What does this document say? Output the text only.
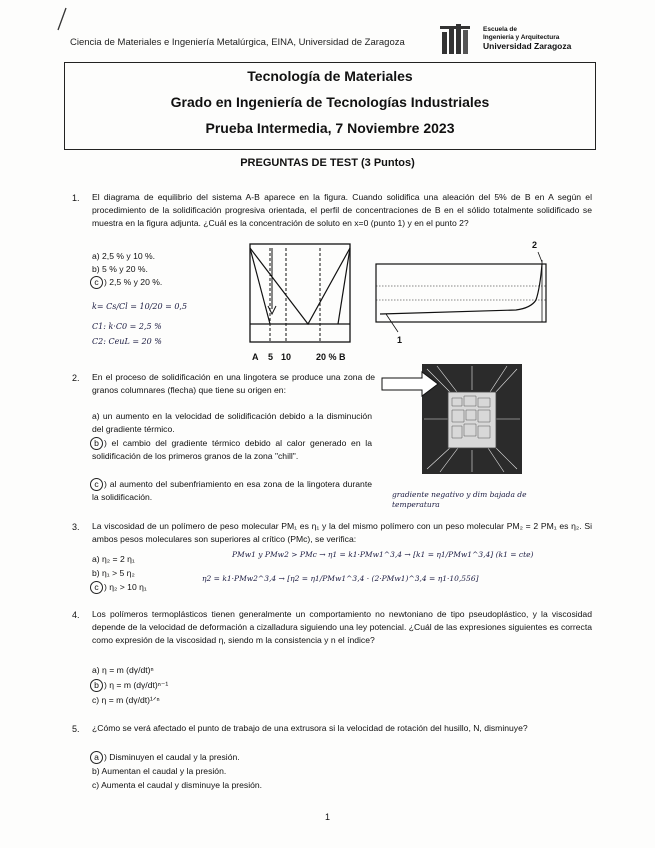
Ciencia de Materiales e Ingeniería Metalúrgica, EINA, Universidad de Zaragoza
Escuela de
Ingeniería y Arquitectura
Universidad Zaragoza
Tecnología de Materiales
Grado en Ingeniería de Tecnologías Industriales
Prueba Intermedia, 7 Noviembre 2023
PREGUNTAS DE TEST (3 Puntos)
1. El diagrama de equilibrio del sistema A-B aparece en la figura. Cuando solidifica una aleación del 5% de B en A según el procedimiento de la solidificación progresiva orientada, el perfil de concentraciones de B en el sólido totalmente solidificado se muestra en la figura adjunta. ¿Cuál es la concentración de soluto en x=0 (punto 1) y en el punto 2?
a) 2,5 % y 10 %.
b) 5 % y 20 %.
c ) 2,5 % y 20 %.
k= Cs/Cl = 10/20 = 0,5
C1: k·C0 = 2,5 %
C2: CeuL = 20 %
A 5 10	20 % B
1
2
2. En el proceso de solidificación en una lingotera se produce una zona de granos columnares (flecha) que tiene su origen en:
a) un aumento en la velocidad de solidificación debido a la disminución del gradiente térmico.
b ) el cambio del gradiente térmico debido al calor generado en la solidificación de los primeros granos de la zona "chill".
c ) al aumento del subenfriamiento en esa zona de la lingotera durante la solidificación.	gradiente negativo y dim bajada de temperatura
3. La viscosidad de un polímero de peso molecular PM₁ es η₁ y la del mismo polímero con un peso molecular PM₂ = 2 PM₁ es η₂. Si ambos pesos moleculares son superiores al crítico (PMc), se verifica:
a) η₂ = 2 η₁
b) η₁ > 5 η₂
c ) η₂ > 10 η₁
PMw1 y PMw2 > PMc → η1 = k1·PMw1^3,4 → [k1 = η1/PMw1^3,4] (k1 = cte)
η2 = k1·PMw2^3,4 → [η2 = η1/PMw1^3,4 · (2·PMw1)^3,4 = η1·10,556]
4. Los polímeros termoplásticos tienen generalmente un comportamiento no newtoniano de tipo pseudoplástico, y la viscosidad depende de la velocidad de deformación a cizalladura siguiendo una ley potencial. ¿Cuál de las expresiones siguientes es correcta como expresión de la viscosidad η, siendo m la consistencia y n el índice?
a) η = m (dγ/dt)ⁿ
b ) η = m (dγ/dt)ⁿ⁻¹
c) η = m (dγ/dt)¹ᐟⁿ
5. ¿Cómo se verá afectado el punto de trabajo de una extrusora si la velocidad de rotación del husillo, N, disminuye?
a ) Disminuyen el caudal y la presión.
b) Aumentan el caudal y la presión.
c) Aumenta el caudal y disminuye la presión.
1
